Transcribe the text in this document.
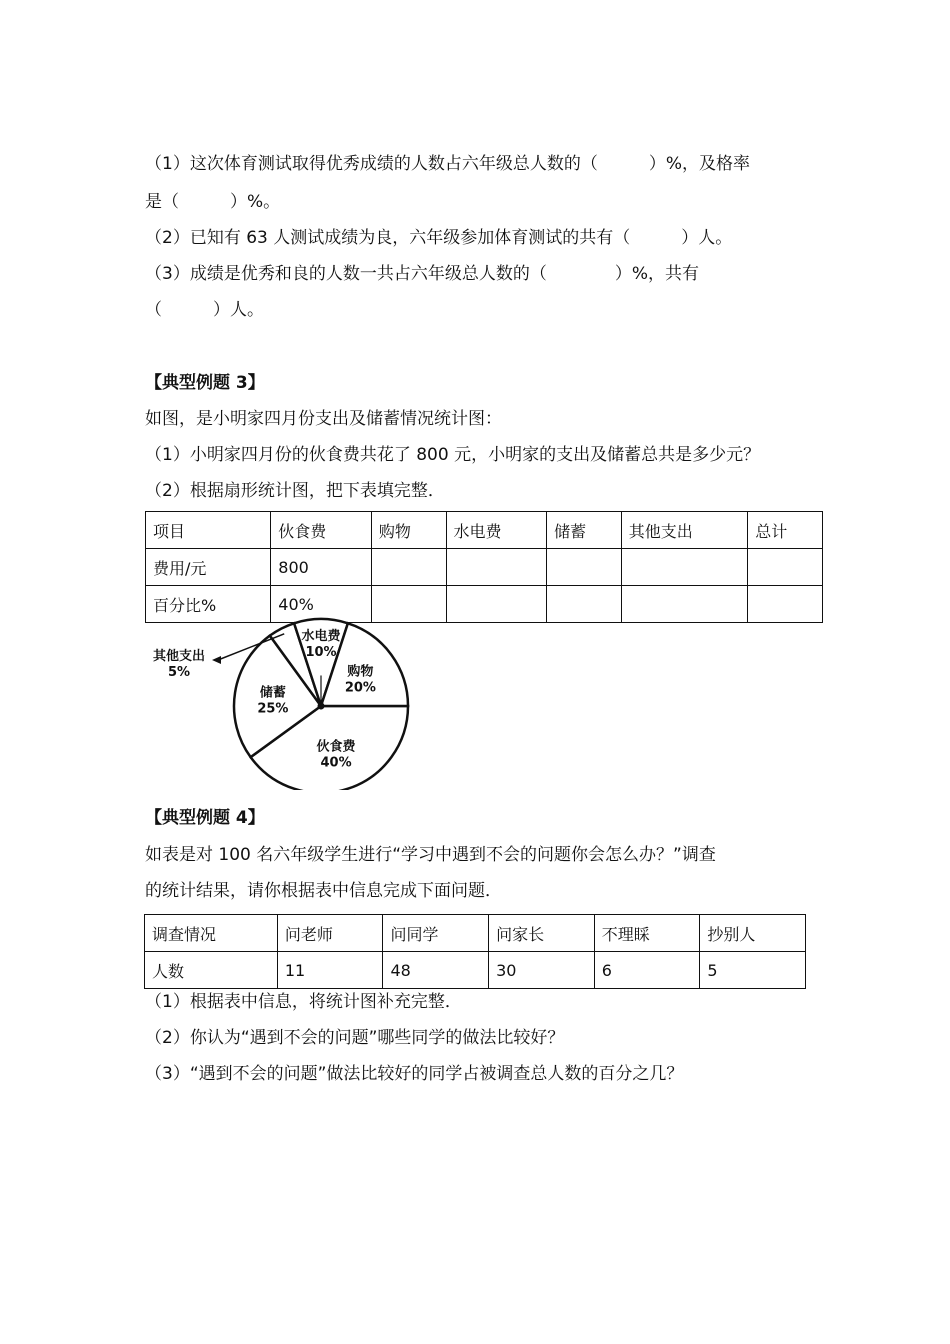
（1）这次体育测试取得优秀成绩的人数占六年级总人数的（　　　）%，及格率
是（　　　）%。
（2）已知有 63 人测试成绩为良，六年级参加体育测试的共有（　　　）人。
（3）成绩是优秀和良的人数一共占六年级总人数的（　　　　）%，共有
（　　　）人。
【典型例题 3】
如图，是小明家四月份支出及储蓄情况统计图：
（1）小明家四月份的伙食费共花了 800 元，小明家的支出及储蓄总共是多少元？
（2）根据扇形统计图，把下表填完整．
项目	伙食费	购物	水电费	储蓄	其他支出	总计
费用/元	800					
百分比%	40%					
伙食费
40%
储蓄
25%
其他支出
5%
水电费
10%
购物
20%
【典型例题 4】
如表是对 100 名六年级学生进行“学习中遇到不会的问题你会怎么办？”调查
的统计结果，请你根据表中信息完成下面问题．
调查情况	问老师	问同学	问家长	不理睬	抄别人
人数	11	48	30	6	5
（1）根据表中信息，将统计图补充完整．
（2）你认为“遇到不会的问题”哪些同学的做法比较好？
（3）“遇到不会的问题”做法比较好的同学占被调查总人数的百分之几？
